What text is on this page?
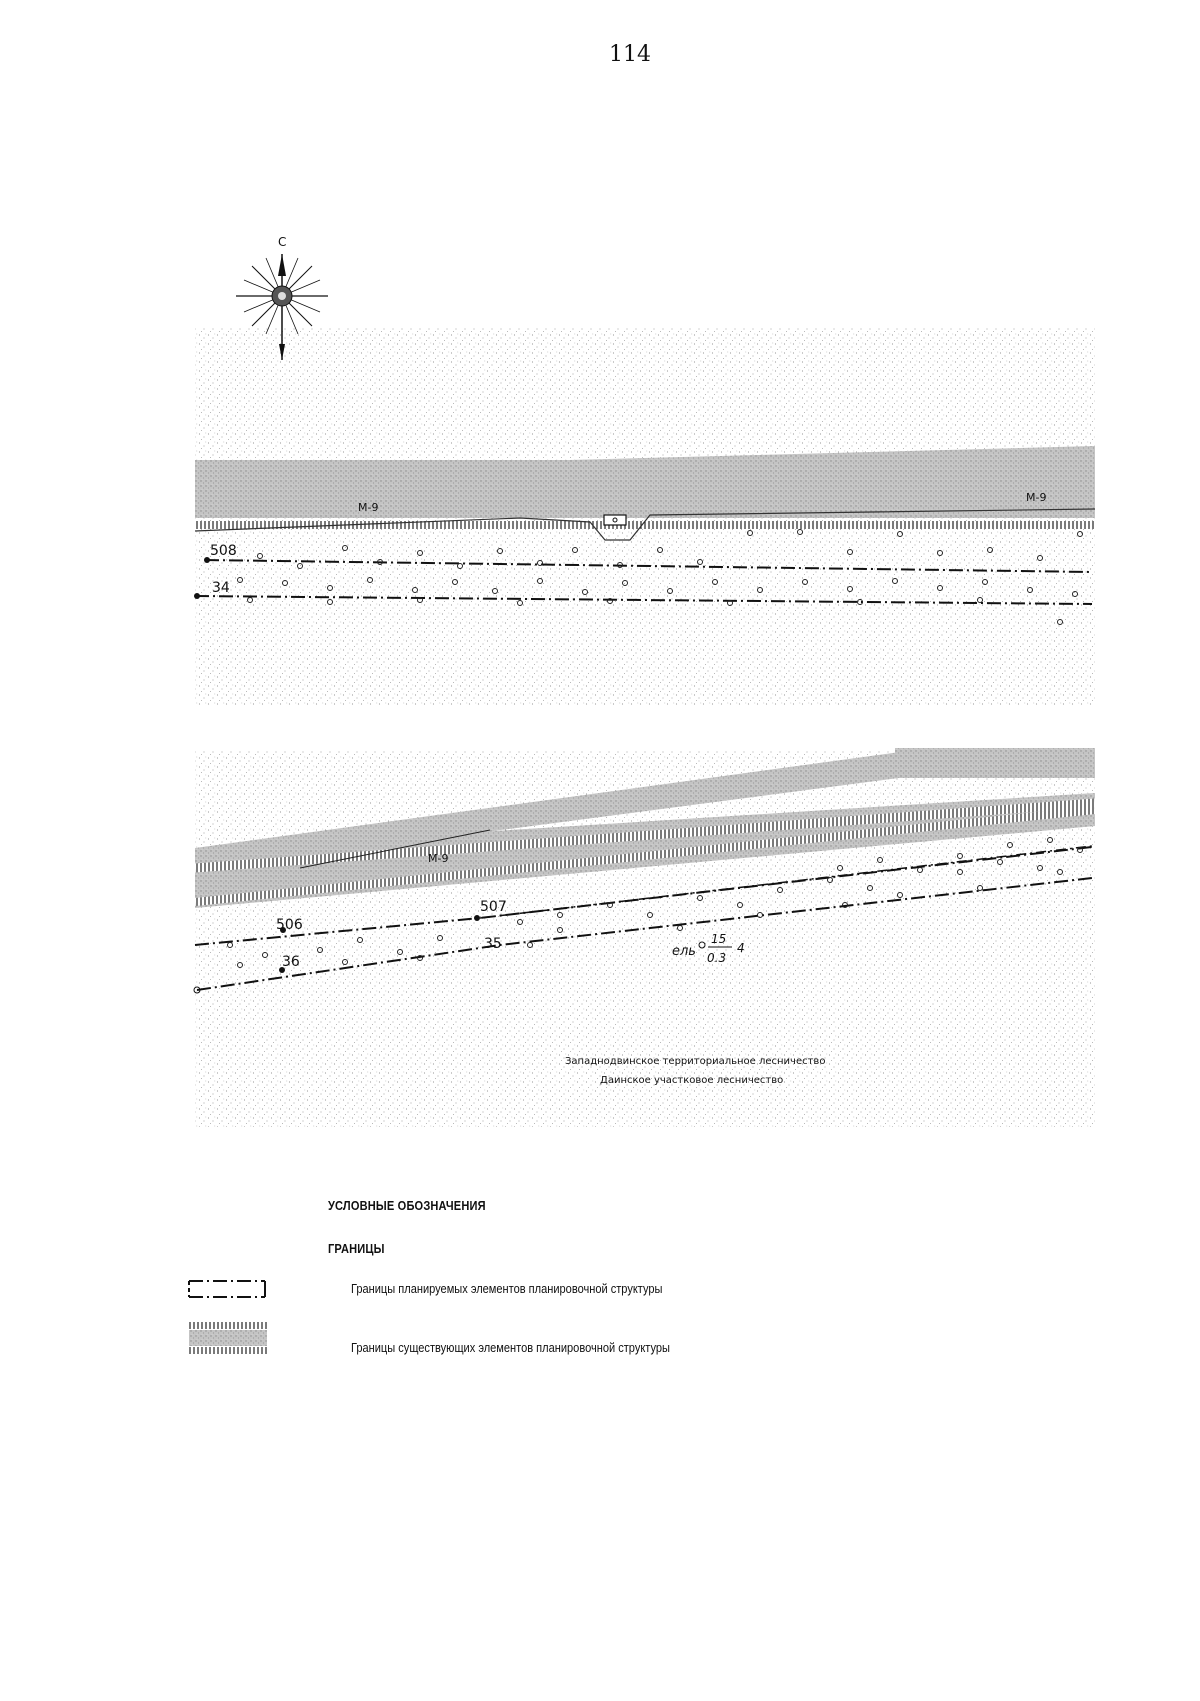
114
М-9
М-9
508
34
М-9
506
36
507
35	ель
15
0.3
4
Западнодвинское территориальное лесничество
Даинское участковое лесничество
С
УСЛОВНЫЕ ОБОЗНАЧЕНИЯ
ГРАНИЦЫ
Границы планируемых элементов планировочной структуры
Границы существующих элементов планировочной структуры
